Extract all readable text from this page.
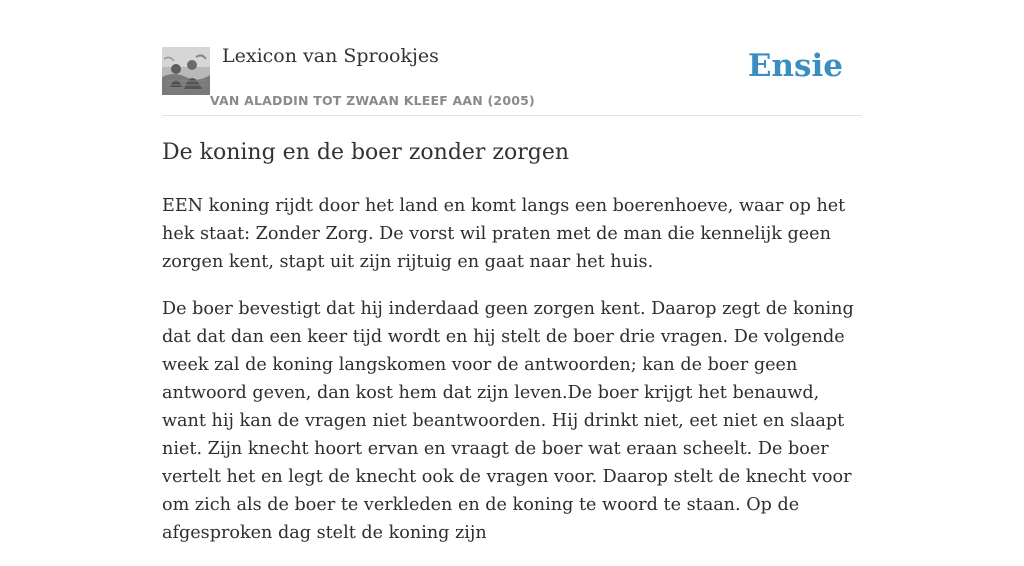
Lexicon van Sprookjes
VAN ALADDIN TOT ZWAAN KLEEF AAN (2005)
Ensie
De koning en de boer zonder zorgen

EEN koning rijdt door het land en komt langs een boerenhoeve, waar op het hek staat: Zonder Zorg. De vorst wil praten met de man die kennelijk geen zorgen kent, stapt uit zijn rijtuig en gaat naar het huis.

De boer bevestigt dat hij inderdaad geen zorgen kent. Daarop zegt de koning dat dat dan een keer tijd wordt en hij stelt de boer drie vragen. De volgende week zal de koning langskomen voor de antwoorden; kan de boer geen antwoord geven, dan kost hem dat zijn leven.De boer krijgt het benauwd, want hij kan de vragen niet beantwoorden. Hij drinkt niet, eet niet en slaapt niet. Zijn knecht hoort ervan en vraagt de boer wat eraan scheelt. De boer vertelt het en legt de knecht ook de vragen voor. Daarop stelt de knecht voor om zich als de boer te verkleden en de koning te woord te staan. Op de afgesproken dag stelt de koning zijn
